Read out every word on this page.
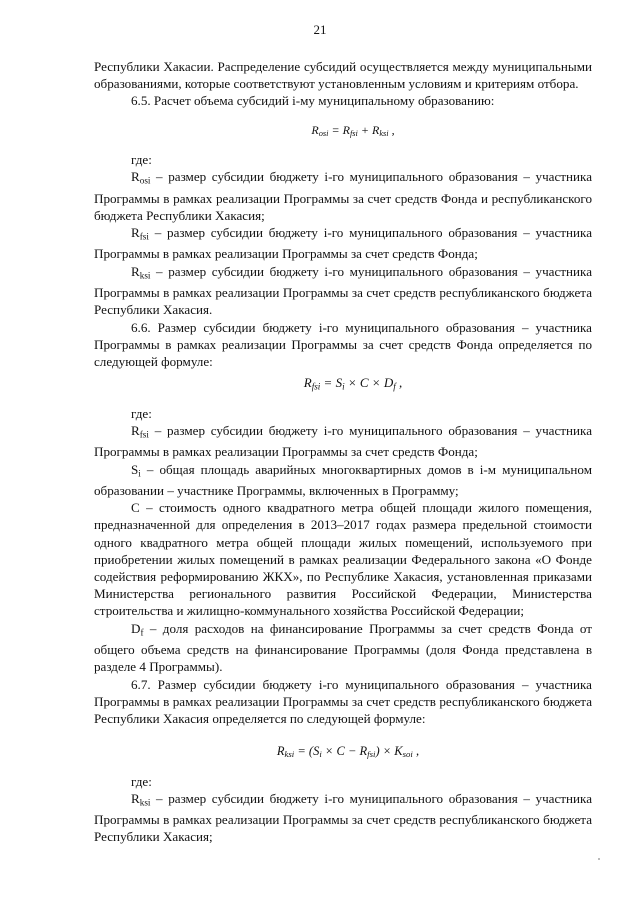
21

Республики Хакасии. Распределение субсидий осуществляется между муниципальными образованиями, которые соответствуют установленным условиям и критериям отбора.

6.5. Расчет объема субсидий i-му муниципальному образованию:

$R_{osi} = R_{fsi} + R_{ksi}$ ,

где:

$R_{osi}$ – размер субсидии бюджету i-го муниципального образования – участника Программы в рамках реализации Программы за счет средств Фонда и республиканского бюджета Республики Хакасия;

$R_{fsi}$ – размер субсидии бюджету i-го муниципального образования – участника Программы в рамках реализации Программы за счет средств Фонда;

$R_{ksi}$ – размер субсидии бюджету i-го муниципального образования – участника Программы в рамках реализации Программы за счет средств республиканского бюджета Республики Хакасия.

6.6. Размер субсидии бюджету i-го муниципального образования – участника Программы в рамках реализации Программы за счет средств Фонда определяется по следующей формуле:

$R_{fsi} = S_i \times C \times D_f$ ,

где:

$R_{fsi}$ – размер субсидии бюджету i-го муниципального образования – участника Программы в рамках реализации Программы за счет средств Фонда;

$S_i$ – общая площадь аварийных многоквартирных домов в i-м муниципальном образовании – участнике Программы, включенных в Программу;

С – стоимость одного квадратного метра общей площади жилого помещения, предназначенной для определения в 2013–2017 годах размера предельной стоимости одного квадратного метра общей площади жилых помещений, используемого при приобретении жилых помещений в рамках реализации Федерального закона «О Фонде содействия реформированию ЖКХ», по Республике Хакасия, установленная приказами Министерства регионального развития Российской Федерации, Министерства строительства и жилищно-коммунального хозяйства Российской Федерации;

$D_f$ – доля расходов на финансирование Программы за счет средств Фонда от общего объема средств на финансирование Программы (доля Фонда представлена в разделе 4 Программы).

6.7. Размер субсидии бюджету i-го муниципального образования – участника Программы в рамках реализации Программы за счет средств республиканского бюджета Республики Хакасия определяется по следующей формуле:

$R_{ksi} = (S_i \times C - R_{fsi}) \times K_{soi}$ ,

где:

$R_{ksi}$ – размер субсидии бюджету i-го муниципального образования – участника Программы в рамках реализации Программы за счет средств республиканского бюджета Республики Хакасия;
